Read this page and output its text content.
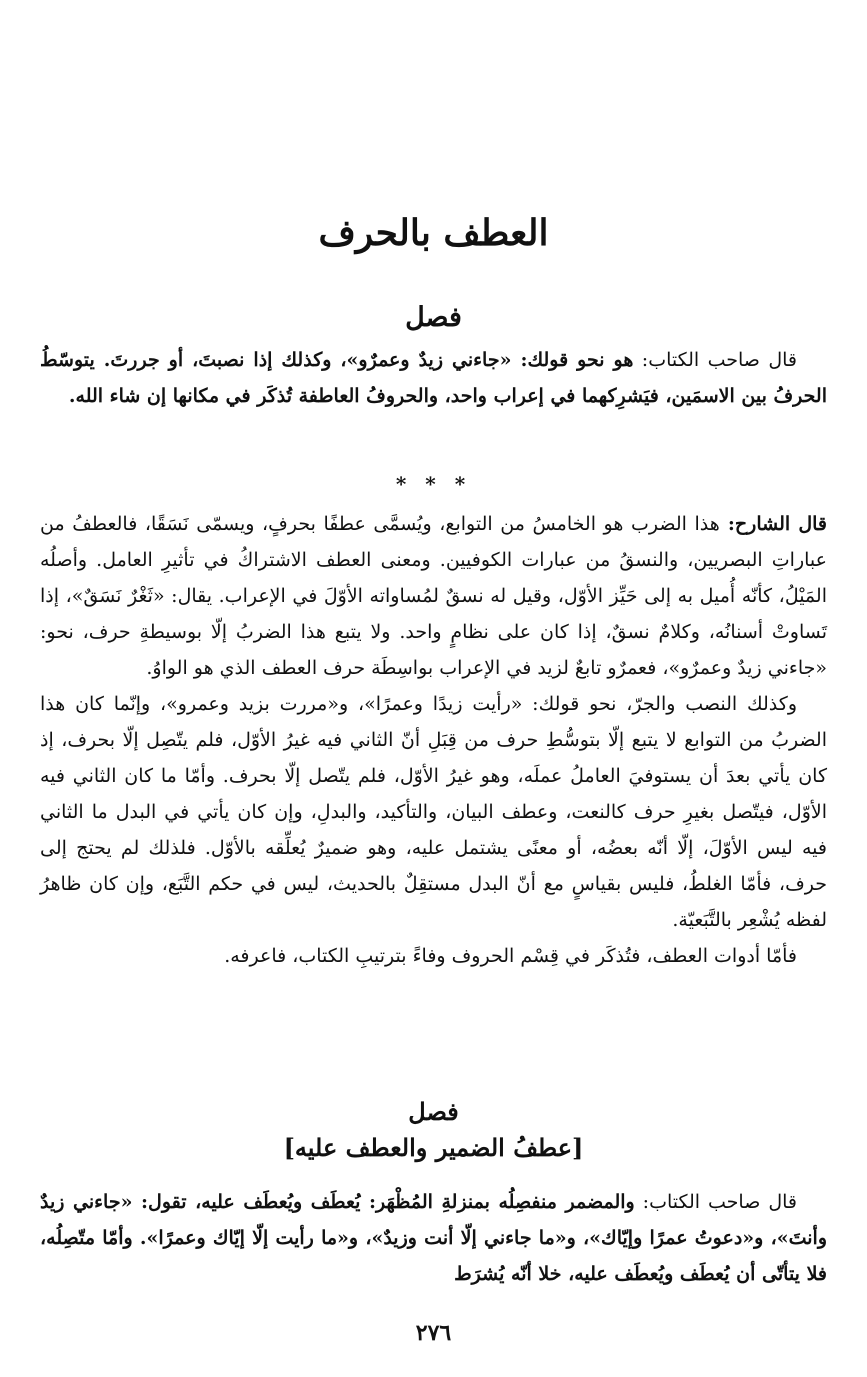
العطف بالحرف
فصل

قال صاحب الكتاب: هو نحو قولك: «جاءني زيدٌ وعمرٌو»، وكذلك إذا نصبتَ، أو جررتَ. يتوسّطُ الحرفُ بين الاسمَين، فيَشرِكهما في إعراب واحد، والحروفُ العاطفة تُذكَر في مكانها إن شاء الله.

* * *

قال الشارح: هذا الضرب هو الخامسُ من التوابع، ويُسمَّى عطفًا بحرفٍ، ويسمّى نَسَقًا، فالعطفُ من عباراتِ البصريين، والنسقُ من عبارات الكوفيين. ومعنى العطف الاشتراكُ في تأثيرِ العامل. وأصلُه المَيْلُ، كأنّه أُميل به إلى حَيِّز الأوّل، وقيل له نسقٌ لمُساواته الأوّلَ في الإعراب. يقال: «ثَغْرٌ نَسَقٌ»، إذا تَساوتْ أسنانُه، وكلامٌ نسقٌ، إذا كان على نظامٍ واحد. ولا يتبع هذا الضربُ إلّا بوسيطةِ حرف، نحو: «جاءني زيدٌ وعمرٌو»، فعمرٌو تابعٌ لزيد في الإعراب بواسِطَة حرف العطف الذي هو الواوُ.

وكذلك النصب والجرّ، نحو قولك: «رأيت زيدًا وعمرًا»، و«مررت بزيد وعمرو»، وإنّما كان هذا الضربُ من التوابع لا يتبع إلّا بتوسُّطِ حرف من قِبَلِ أنّ الثاني فيه غيرُ الأوّل، فلم يتّصِل إلّا بحرف، إذ كان يأتي بعدَ أن يستوفيَ العاملُ عملَه، وهو غيرُ الأوّل، فلم يتّصل إلّا بحرف. وأمّا ما كان الثاني فيه الأوّل، فيتّصل بغيرِ حرف كالنعت، وعطف البيان، والتأكيد، والبدلِ، وإن كان يأتي في البدل ما الثاني فيه ليس الأوّلَ، إلّا أنّه بعضُه، أو معنًى يشتمل عليه، وهو ضميرٌ يُعلِّقه بالأوّل. فلذلك لم يحتج إلى حرف، فأمّا الغلطُ، فليس بقياسٍ مع أنّ البدل مستقِلٌ بالحديث، ليس في حكم التَّبَع، وإن كان ظاهرُ لفظه يُشْعِر بالتَّبَعيّة.

فأمّا أدوات العطف، فتُذكَر في قِسْم الحروف وفاءً بترتيبِ الكتاب، فاعرفه.

فصل
[عطفُ الضمير والعطف عليه]

قال صاحب الكتاب: والمضمر منفصِلُه بمنزلةِ المُظْهَر: يُعطَف ويُعطَف عليه، تقول: «جاءني زيدٌ وأنتَ»، و«دعوتُ عمرًا وإيّاك»، و«ما جاءني إلّا أنت وزيدٌ»، و«ما رأيت إلّا إيّاك وعمرًا». وأمّا متّصِلُه، فلا يتأتّى أن يُعطَف ويُعطَف عليه، خلا أنّه يُشرَط

٢٧٦
